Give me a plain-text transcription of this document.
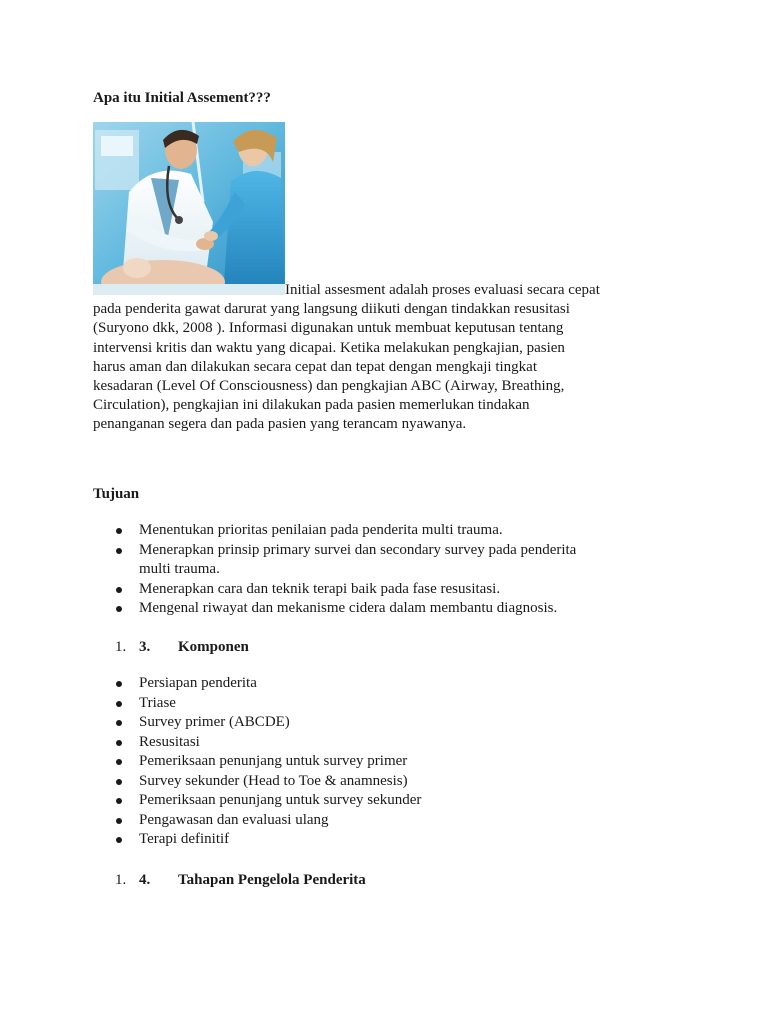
Apa itu Initial Assement???

Initial assesment adalah proses evaluasi secara cepat
pada penderita gawat darurat yang langsung diikuti dengan tindakkan resusitasi
(Suryono dkk, 2008 ). Informasi digunakan untuk membuat keputusan tentang
intervensi kritis dan waktu yang dicapai. Ketika melakukan pengkajian, pasien
harus aman dan dilakukan secara cepat dan tepat dengan mengkaji tingkat
kesadaran (Level Of Consciousness) dan pengkajian ABC (Airway, Breathing,
Circulation), pengkajian ini dilakukan pada pasien memerlukan tindakan
penanganan segera dan pada pasien yang terancam nyawanya.

Tujuan
Menentukan prioritas penilaian pada penderita multi trauma.
Menerapkan prinsip primary survei dan secondary survey pada penderita
multi trauma.
Menerapkan cara dan teknik terapi baik pada fase resusitasi.
Mengenal riwayat dan mekanisme cidera dalam membantu diagnosis.
1. 3. Komponen
Persiapan penderita
Triase
Survey primer (ABCDE)
Resusitasi
Pemeriksaan penunjang untuk survey primer
Survey sekunder (Head to Toe & anamnesis)
Pemeriksaan penunjang untuk survey sekunder
Pengawasan dan evaluasi ulang
Terapi definitif
1. 4. Tahapan Pengelola Penderita
